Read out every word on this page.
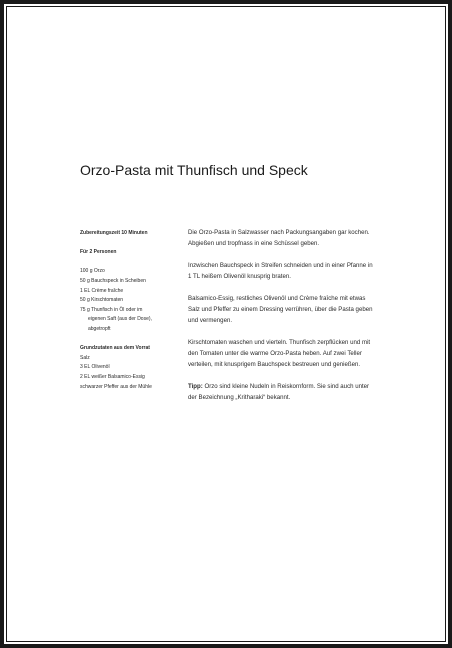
Orzo-Pasta mit Thunfisch und Speck
Zubereitungszeit 10 Minuten
Für 2 Personen
100 g Orzo
50 g Bauchspeck in Scheiben
1 EL Crème fraîche
50 g Kirschtomaten
75 g Thunfisch in Öl oder im
eigenen Saft (aus der Dose),
abgetropft
Grundzutaten aus dem Vorrat
Salz
3 EL Olivenöl
2 EL weißer Balsamico-Essig
schwarzer Pfeffer aus der Mühle

Die Orzo-Pasta in Salzwasser nach Packungsangaben gar kochen. Abgießen und tropfnass in eine Schüssel geben.

Inzwischen Bauchspeck in Streifen schneiden und in einer Pfanne in 1 TL heißem Olivenöl knusprig braten.

Balsamico-Essig, restliches Olivenöl und Crème fraîche mit etwas Salz und Pfeffer zu einem Dressing verrühren, über die Pasta geben und vermengen.

Kirschtomaten waschen und vierteln. Thunfisch zerpflücken und mit den Tomaten unter die warme Orzo-Pasta heben. Auf zwei Teller verteilen, mit knusprigem Bauchspeck bestreuen und genießen.

Tipp: Orzo sind kleine Nudeln in Reiskornform. Sie sind auch unter der Bezeichnung „Kritharaki“ bekannt.
